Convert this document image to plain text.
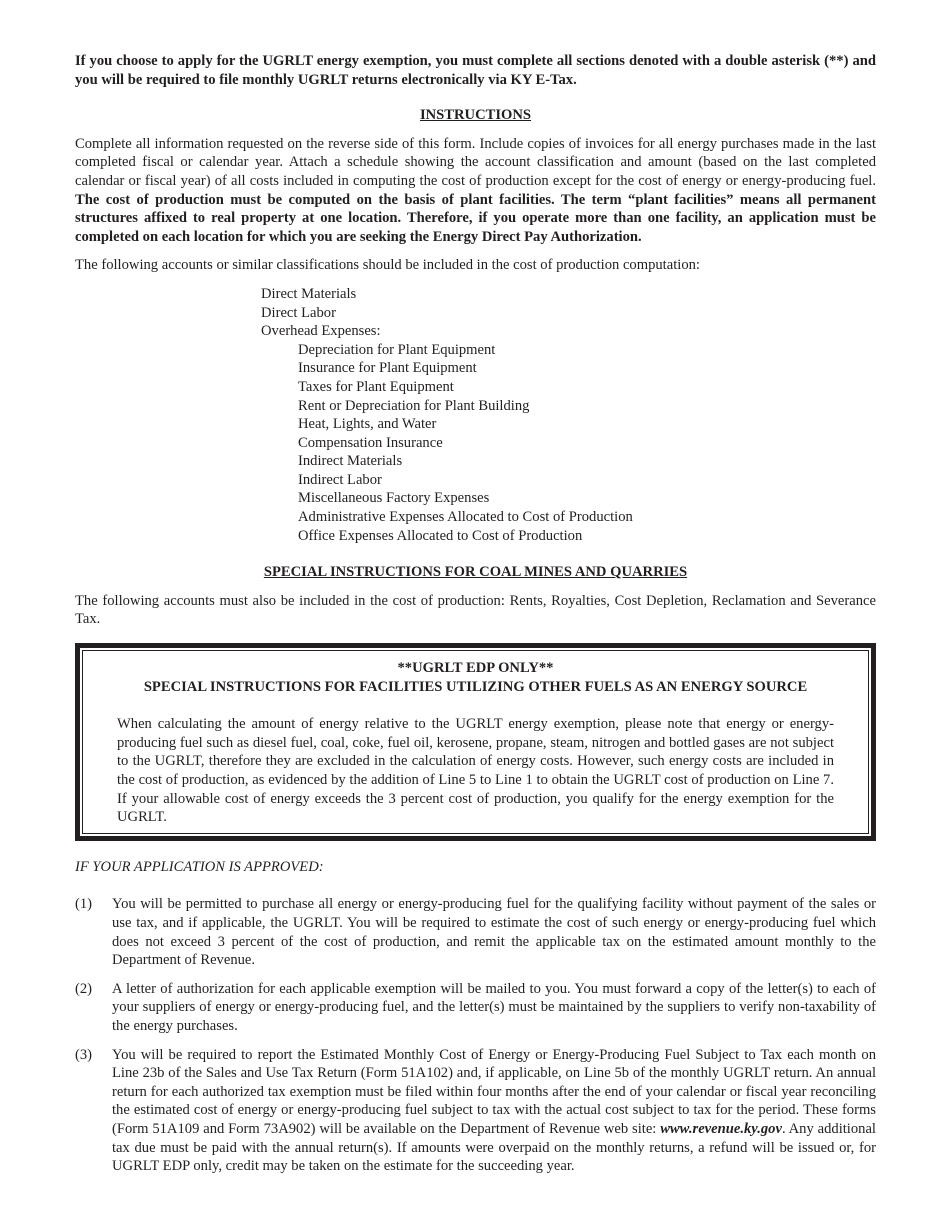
If you choose to apply for the UGRLT energy exemption, you must complete all sections denoted with a double asterisk (**) and you will be required to file monthly UGRLT returns electronically via KY E-Tax.

INSTRUCTIONS

Complete all information requested on the reverse side of this form. Include copies of invoices for all energy purchases made in the last completed fiscal or calendar year. Attach a schedule showing the account classification and amount (based on the last completed calendar or fiscal year) of all costs included in computing the cost of production except for the cost of energy or energy-producing fuel. The cost of production must be computed on the basis of plant facilities. The term “plant facilities” means all permanent structures affixed to real property at one location. Therefore, if you operate more than one facility, an application must be completed on each location for which you are seeking the Energy Direct Pay Authorization.

The following accounts or similar classifications should be included in the cost of production computation:

Direct Materials
Direct Labor
Overhead Expenses:
Depreciation for Plant Equipment
Insurance for Plant Equipment
Taxes for Plant Equipment
Rent or Depreciation for Plant Building
Heat, Lights, and Water
Compensation Insurance
Indirect Materials
Indirect Labor
Miscellaneous Factory Expenses
Administrative Expenses Allocated to Cost of Production
Office Expenses Allocated to Cost of Production

SPECIAL INSTRUCTIONS FOR COAL MINES AND QUARRIES

The following accounts must also be included in the cost of production: Rents, Royalties, Cost Depletion, Reclamation and Severance Tax.

**UGRLT EDP ONLY**

SPECIAL INSTRUCTIONS FOR FACILITIES UTILIZING OTHER FUELS AS AN ENERGY SOURCE

When calculating the amount of energy relative to the UGRLT energy exemption, please note that energy or energy-producing fuel such as diesel fuel, coal, coke, fuel oil, kerosene, propane, steam, nitrogen and bottled gases are not subject to the UGRLT, therefore they are excluded in the calculation of energy costs. However, such energy costs are included in the cost of production, as evidenced by the addition of Line 5 to Line 1 to obtain the UGRLT cost of production on Line 7. If your allowable cost of energy exceeds the 3 percent cost of production, you qualify for the energy exemption for the UGRLT.

IF YOUR APPLICATION IS APPROVED:

(1)	You will be permitted to purchase all energy or energy-producing fuel for the qualifying facility without payment of the sales or use tax, and if applicable, the UGRLT. You will be required to estimate the cost of such energy or energy-producing fuel which does not exceed 3 percent of the cost of production, and remit the applicable tax on the estimated amount monthly to the Department of Revenue.
(2)	A letter of authorization for each applicable exemption will be mailed to you. You must forward a copy of the letter(s) to each of your suppliers of energy or energy-producing fuel, and the letter(s) must be maintained by the suppliers to verify non-taxability of the energy purchases.
(3)	You will be required to report the Estimated Monthly Cost of Energy or Energy-Producing Fuel Subject to Tax each month on Line 23b of the Sales and Use Tax Return (Form 51A102) and, if applicable, on Line 5b of the monthly UGRLT return. An annual return for each authorized tax exemption must be filed within four months after the end of your calendar or fiscal year reconciling the estimated cost of energy or energy-producing fuel subject to tax with the actual cost subject to tax for the period. These forms (Form 51A109 and Form 73A902) will be available on the Department of Revenue web site: www.revenue.ky.gov. Any additional tax due must be paid with the annual return(s). If amounts were overpaid on the monthly returns, a refund will be issued or, for UGRLT EDP only, credit may be taken on the estimate for the succeeding year.
